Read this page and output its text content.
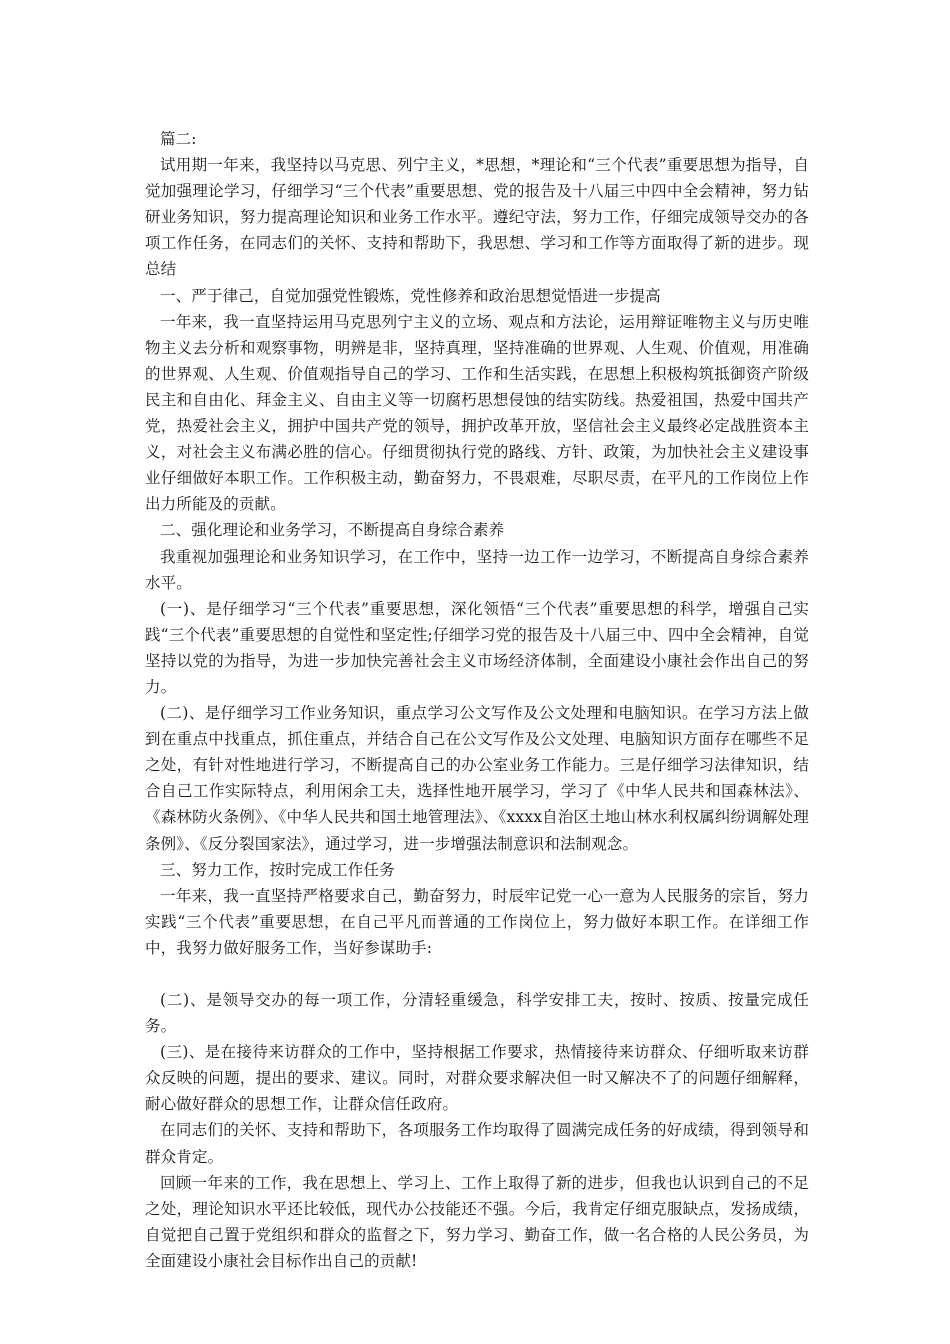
篇二:

试用期一年来，我坚持以马克思、列宁主义，*思想，*理论和“三个代表”重要思想为指导，自觉加强理论学习，仔细学习“三个代表”重要思想、党的报告及十八届三中四中全会精神，努力钻研业务知识，努力提高理论知识和业务工作水平。遵纪守法，努力工作，仔细完成领导交办的各项工作任务，在同志们的关怀、支持和帮助下，我思想、学习和工作等方面取得了新的进步。现总结

一、严于律己，自觉加强党性锻炼，党性修养和政治思想觉悟进一步提高

一年来，我一直坚持运用马克思列宁主义的立场、观点和方法论，运用辩证唯物主义与历史唯物主义去分析和观察事物，明辨是非，坚持真理，坚持准确的世界观、人生观、价值观，用准确的世界观、人生观、价值观指导自己的学习、工作和生活实践，在思想上积极构筑抵御资产阶级民主和自由化、拜金主义、自由主义等一切腐朽思想侵蚀的结实防线。热爱祖国，热爱中国共产党，热爱社会主义，拥护中国共产党的领导，拥护改革开放，坚信社会主义最终必定战胜资本主义，对社会主义布满必胜的信心。仔细贯彻执行党的路线、方针、政策，为加快社会主义建设事业仔细做好本职工作。工作积极主动，勤奋努力，不畏艰难，尽职尽责，在平凡的工作岗位上作出力所能及的贡献。

二、强化理论和业务学习，不断提高自身综合素养

我重视加强理论和业务知识学习，在工作中，坚持一边工作一边学习，不断提高自身综合素养水平。

(一)、是仔细学习“三个代表”重要思想，深化领悟“三个代表”重要思想的科学，增强自己实践“三个代表”重要思想的自觉性和坚定性;仔细学习党的报告及十八届三中、四中全会精神，自觉坚持以党的为指导，为进一步加快完善社会主义市场经济体制，全面建设小康社会作出自己的努力。

(二)、是仔细学习工作业务知识，重点学习公文写作及公文处理和电脑知识。在学习方法上做到在重点中找重点，抓住重点，并结合自己在公文写作及公文处理、电脑知识方面存在哪些不足之处，有针对性地进行学习，不断提高自己的办公室业务工作能力。三是仔细学习法律知识，结合自己工作实际特点，利用闲余工夫，选择性地开展学习，学习了《中华人民共和国森林法》、《森林防火条例》、《中华人民共和国土地管理法》、《xxxx自治区土地山林水利权属纠纷调解处理条例》、《反分裂国家法》，通过学习，进一步增强法制意识和法制观念。

三、努力工作，按时完成工作任务

一年来，我一直坚持严格要求自己，勤奋努力，时辰牢记党一心一意为人民服务的宗旨，努力实践“三个代表”重要思想，在自己平凡而普通的工作岗位上，努力做好本职工作。在详细工作中，我努力做好服务工作，当好参谋助手:

(二)、是领导交办的每一项工作，分清轻重缓急，科学安排工夫，按时、按质、按量完成任务。

(三)、是在接待来访群众的工作中，坚持根据工作要求，热情接待来访群众、仔细听取来访群众反映的问题，提出的要求、建议。同时，对群众要求解决但一时又解决不了的问题仔细解释，耐心做好群众的思想工作，让群众信任政府。

在同志们的关怀、支持和帮助下，各项服务工作均取得了圆满完成任务的好成绩，得到领导和群众肯定。

回顾一年来的工作，我在思想上、学习上、工作上取得了新的进步，但我也认识到自己的不足之处，理论知识水平还比较低，现代办公技能还不强。今后，我肯定仔细克服缺点，发扬成绩，自觉把自己置于党组织和群众的监督之下，努力学习、勤奋工作，做一名合格的人民公务员，为全面建设小康社会目标作出自己的贡献!
